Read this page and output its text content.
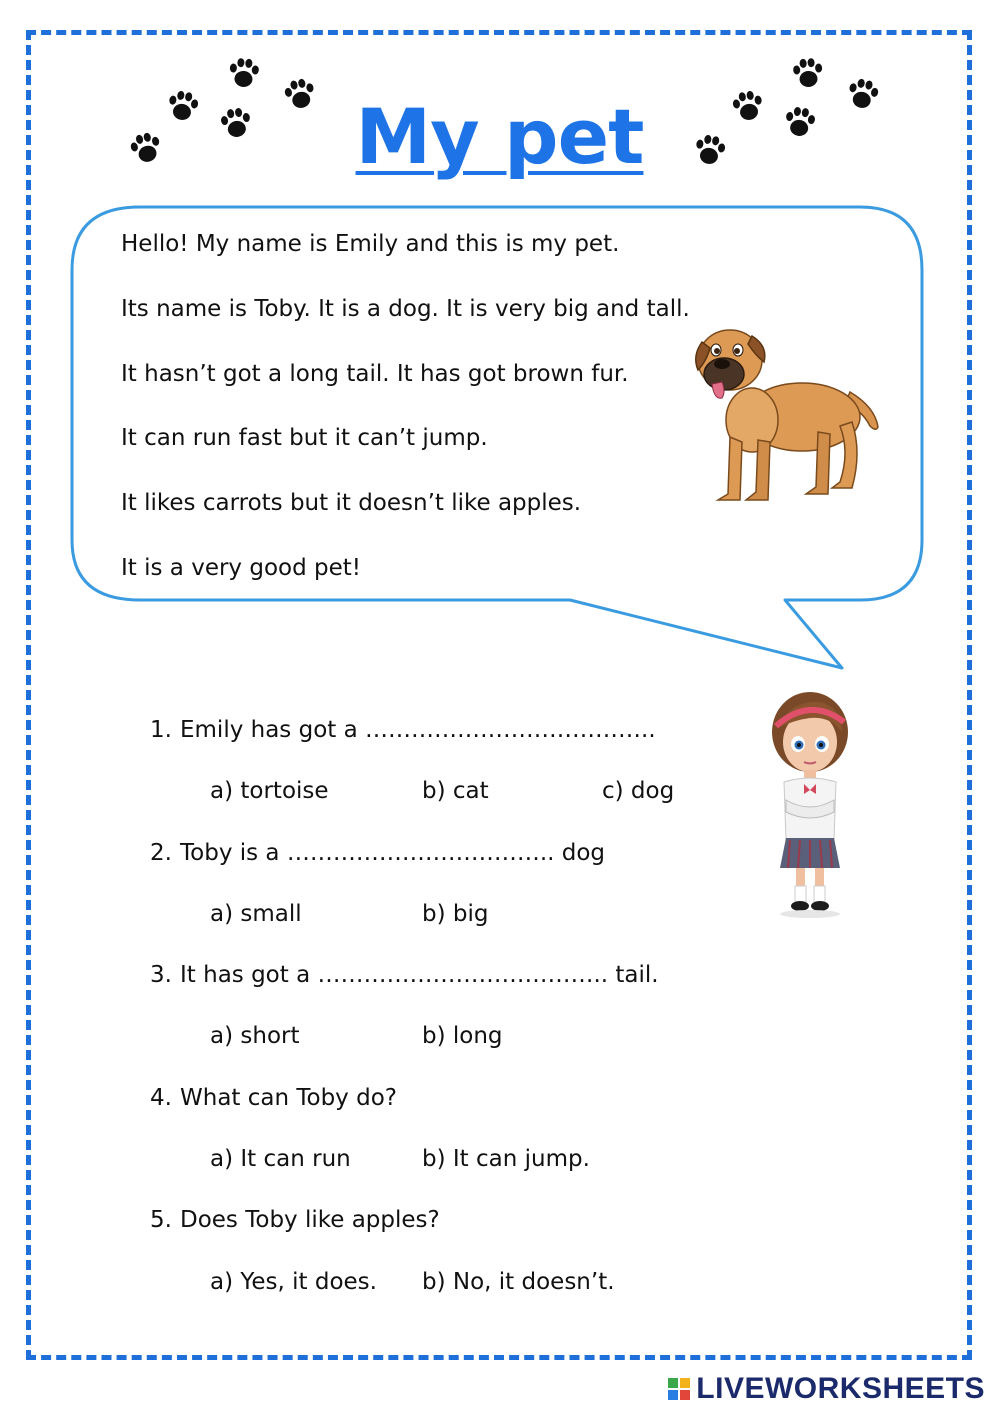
My pet
Hello! My name is Emily and this is my pet.
Its name is Toby. It is a dog. It is very big and tall.
It hasn’t got a long tail. It has got brown fur.
It can run fast but it can’t jump.
It likes carrots but it doesn’t like apples.
It is a very good pet!
1. Emily has got a ………………………………..
a) tortoise	b) cat	c) dog
2. Toby is a …………………………….. dog
a) small	b) big
3. It has got a ……………………………….. tail.
a) short	b) long
4. What can Toby do?
a) It can run	b) It can jump.
5. Does Toby like apples?
a) Yes, it does. b) No, it doesn’t.
LIVEWORKSHEETS
